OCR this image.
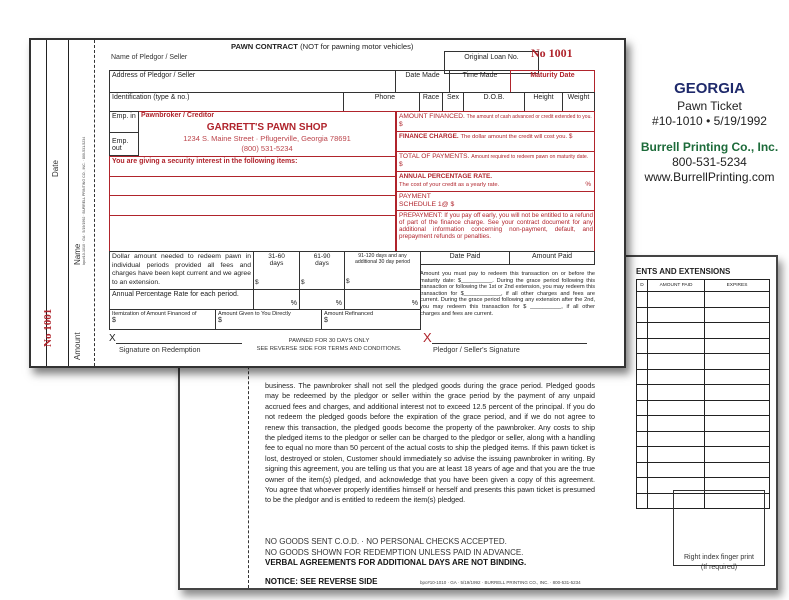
business. The pawnbroker shall not sell the pledged goods during the grace period. Pledged goods may be redeemed by the pledgor or seller within the grace period by the payment of any unpaid accrued fees and charges, and additional interest not to exceed 12.5 percent of the principal. If you do not redeem the pledged goods before the expiration of the grace period, and if we do not agree to renew this transaction, the pledged goods become the property of the pawnbroker. Any costs to ship the pledged items to the pledgor or seller can be charged to the pledgor or seller, along with a handling fee to equal no more than 50 percent of the actual costs to ship the pledged items. If this pawn ticket is lost, destroyed or stolen, Customer should immediately so advise the issuing pawnbroker in writing. By signing this agreement, you are telling us that you are at least 18 years of age and that you are the true owner of the item(s) pledged, and acknowledge that you have been given a copy of this agreement. You agree that whoever properly identifies himself or herself and presents this pawn ticket is presumed to be the pledgor and is entitled to redeem the item(s) pledged.
NO GOODS SENT C.O.D. · NO PERSONAL CHECKS ACCEPTED.
NO GOODS SHOWN FOR REDEMPTION UNLESS PAID IN ADVANCE.
VERBAL AGREEMENTS FOR ADDITIONAL DAYS ARE NOT BINDING.
NOTICE: SEE REVERSE SIDE	bpc#10-1010 · GA · 5/19/1992 · BURRELL PRINTING CO., INC. · 800-531-5234
ENTS AND EXTENSIONS
D	AMOUNT PAID	EXPIRES

Right index finger print
(If required)
GEORGIA
Pawn Ticket
#10-1010 • 5/19/1992
Burrell Printing Co., Inc.
800-531-5234
www.BurrellPrinting.com
Date
Name bpc#10-1010 · GA · 5/19/1992 · BURRELL PRINTING CO., INC. · 800-531-5234
No 1001 Amount
PAWN CONTRACT (NOT for pawning motor vehicles)
Name of Pledgor / Seller	Original Loan No.	No 1001
Address of Pledgor / Seller	Date Made	Time Made	Maturity Date
Identification (type & no.)	Phone	Race	Sex	D.O.B.	Height	Weight
Emp. in
Emp. out
Pawnbroker / Creditor
GARRETT'S PAWN SHOP
1234 S. Maine Street · Pflugerville, Georgia 78691
(800) 531-5234
You are giving a security interest in the following items:
AMOUNT FINANCED. The amount of cash advanced or credit extended to you. $
FINANCE CHARGE. The dollar amount the credit will cost you. $
TOTAL OF PAYMENTS. Amount required to redeem pawn on maturity date. $
ANNUAL PERCENTAGE RATE.
The cost of your credit as a yearly rate.	%
PAYMENT
SCHEDULE 1@ $
PREPAYMENT: If you pay off early, you will not be entitled to a refund of part of the finance charge. See your contract document for any additional information concerning non-payment, default, and prepayment refunds or penalties.
Dollar amount needed to redeem pawn in individual periods provided all fees and charges have been kept current and we agree to an extension.
31-60 days
$
61-90 days
$
91-120 days and any additional 30 day period
$
Date Paid	Amount Paid
Annual Percentage Rate for each period.
%	%	%
Itemization of Amount Financed of
$
Amount Given to You Directly
$
Amount Refinanced
$
Amount you must pay to redeem this transaction on or before the maturity date: $__________. During the grace period following this transaction or following the 1st or 2nd extension, you may redeem this transaction for $____________, if all other charges and fees are current. During the grace period following any extension after the 2nd, you may redeem this transaction for $ __________, if all other charges and fees are current.
X
Signature on Redemption
PAWNED FOR 30 DAYS ONLY
SEE REVERSE SIDE FOR TERMS AND CONDITIONS.
X
Pledgor / Seller's Signature
